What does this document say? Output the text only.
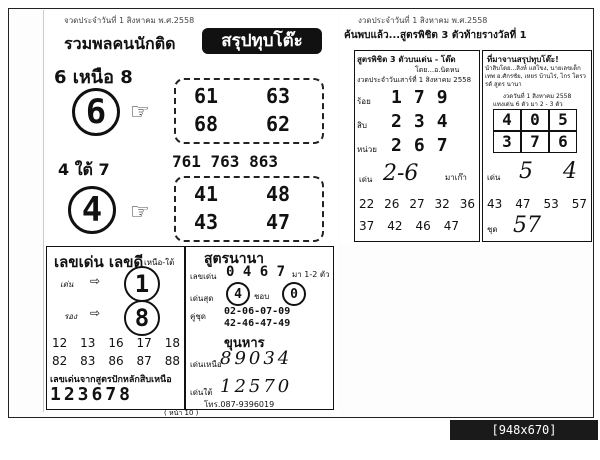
จวดประจำวันที่ 1 สิงหาคม พ.ศ.2558
รวมพลคนนักติด	สรุปทุบโต๊ะ
6 เหนือ 8
6	☞
61 63
68 62
761 763 863
4 ใต้ 7
4	☞
41 48
43 47
เลขเด่น เลขดี เหนือ-ใต้
เด่น ⇨	1
รอง ⇨	8
12 13 16 17 18
82 83 86 87 88
เลขเด่นจากสูตรปักหลักสิบเหนือ
123678
สูตรนานา
เลขเด่น 0 4 6 7 มา 1-2 ตัว
เด่นสุด	4	ชอบ	0
คู่ชุด 02-06-07-09
42-46-47-49
ขุนหาร
เด่นเหนือ
89034
เด่นใต้ 12570
โทร.087-9396019
( หน้า 10 )
งวดประจำวันที่ 1 สิงหาคม พ.ศ.2558
ค้นพบแล้ว...สูตรพิชิต 3 ตัวท้ายรางวัลที่ 1
สูตรพิชิต 3 ตัวบนเด่น - โต๊ด
โดย...อ.นิดหน
งวดประจำวันเสาร์ที่ 1 สิงหาคม 2558
ร้อย 179
สิบ 234
หน่วย 267
เด่น 2-6	มาเก๊า
22 26 27 32 36
37 42 46 47
ที่มาจานสรุปทุบโต๊ะ!
นำสิบโดย...สิงห์ แสโขง, นายเลขเด็กเทพ อ.ศักรชัย, เหยร บ้านไร่, ไกร โตรวรดั สูตร นานา
งวดวันที่ 1 สิงหาคม 2558
แทงเด่น 6 ตัว มา 2 - 3 ตัว
4	0	5
3	7	6
เด่น 5 4
43 47 53 57
ชุด 57
[948x670] http://upic.me/
